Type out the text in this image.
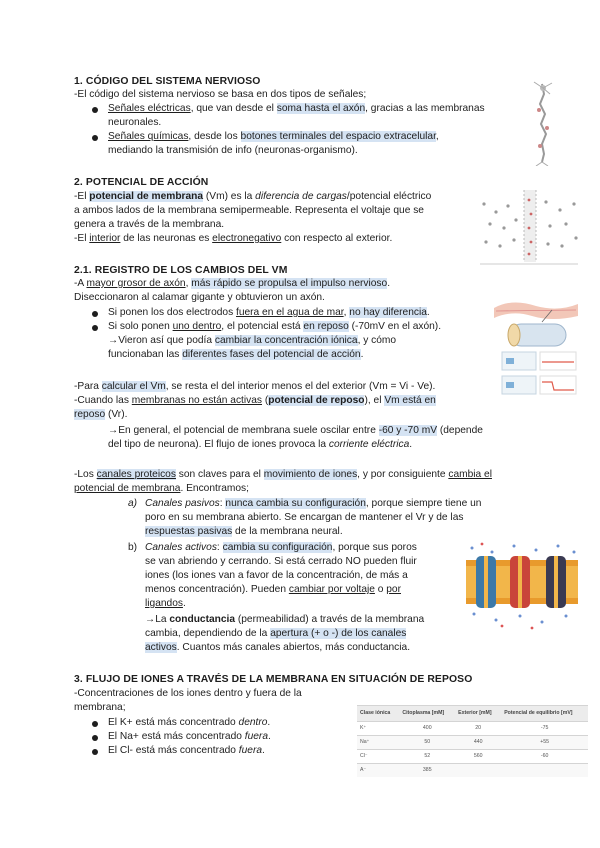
1. CÓDIGO DEL SISTEMA NERVIOSO
-El código del sistema nervioso se basa en dos tipos de señales;
Señales eléctricas, que van desde el soma hasta el axón, gracias a las membranas
neuronales.
Señales químicas, desde los botones terminales del espacio extracelular,
mediando la transmisión de info (neuronas-organismo).
2. POTENCIAL DE ACCIÓN
-El potencial de membrana (Vm) es la diferencia de cargas/potencial eléctrico
a ambos lados de la membrana semipermeable. Representa el voltaje que se
genera a través de la membrana.
-El interior de las neuronas es electronegativo con respecto al exterior.
2.1. REGISTRO DE LOS CAMBIOS DEL VM
-A mayor grosor de axón, más rápido se propulsa el impulso nervioso.
Diseccionaron al calamar gigante y obtuvieron un axón.
Si ponen los dos electrodos fuera en el agua de mar, no hay diferencia.
Si solo ponen uno dentro, el potencial está en reposo (-70mV en el axón).
→Vieron así que podía cambiar la concentración iónica, y cómo
funcionaban las diferentes fases del potencial de acción.
-Para calcular el Vm, se resta el del interior menos el del exterior (Vm = Vi - Ve).
-Cuando las membranas no están activas (potencial de reposo), el Vm está en
reposo (Vr).
→En general, el potencial de membrana suele oscilar entre -60 y -70 mV (depende
del tipo de neurona). El flujo de iones provoca la corriente eléctrica.
-Los canales proteicos son claves para el movimiento de iones, y por consiguiente cambia el
potencial de membrana. Encontramos;
a) Canales pasivos: nunca cambia su configuración, porque siempre tiene un
poro en su membrana abierto. Se encargan de mantener el Vr y de las
respuestas pasivas de la membrana neural.
b) Canales activos: cambia su configuración, porque sus poros
se van abriendo y cerrando. Si está cerrado NO pueden fluir
iones (los iones van a favor de la concentración, de más a
menos concentración). Pueden cambiar por voltaje o por
ligandos.
→La conductancia (permeabilidad) a través de la membrana
cambia, dependiendo de la apertura (+ o -) de los canales
activos. Cuantos más canales abiertos, más conductancia.
3. FLUJO DE IONES A TRAVÉS DE LA MEMBRANA EN SITUACIÓN DE REPOSO
-Concentraciones de los iones dentro y fuera de la
membrana;
El K+ está más concentrado dentro.
El Na+ está más concentrado fuera.
El Cl- está más concentrado fuera.
Clase iónica	Citoplasma [mM]	Exterior [mM]	Potencial de equilibrio [mV]
K⁺	400	20	-75
Na⁺	50	440	+55
Cl⁻	52	560	-60
A⁻	385		
